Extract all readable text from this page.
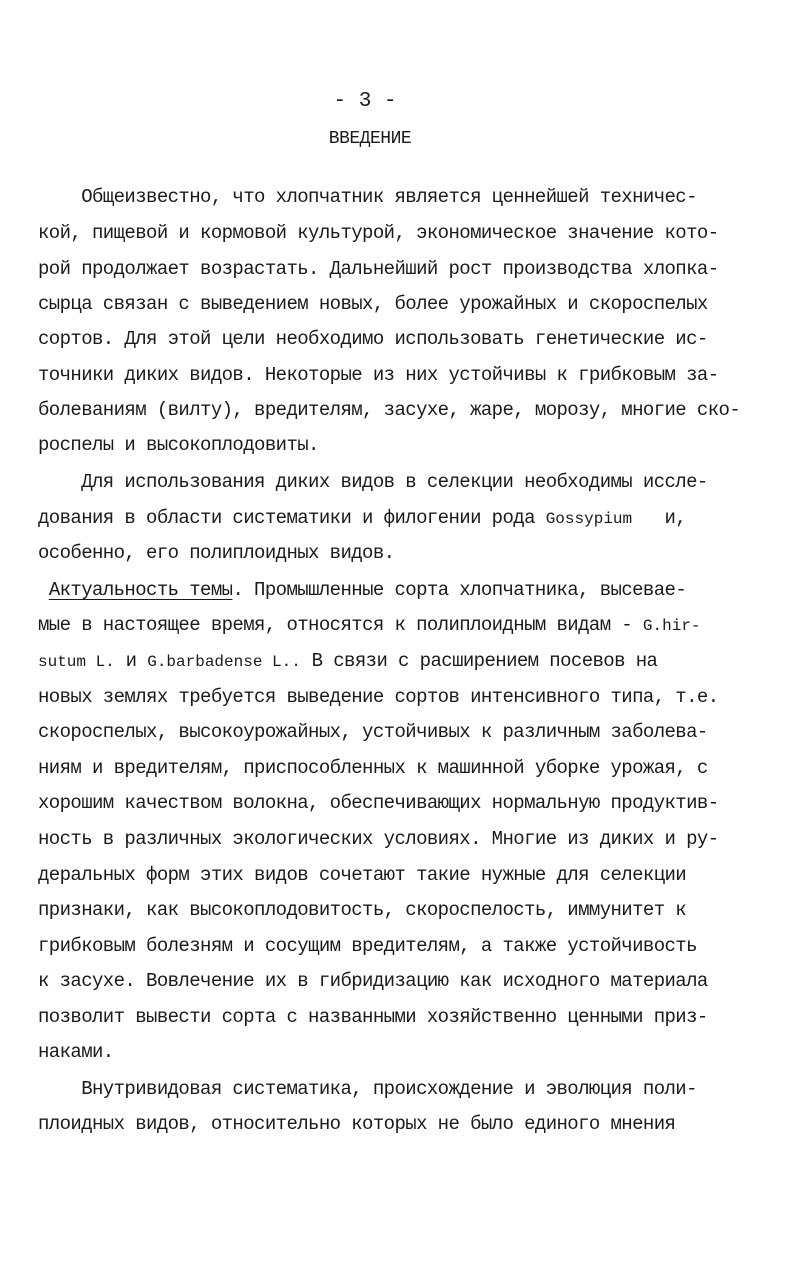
- 3 -
ВВЕДЕНИЕ
Общеизвестно, что хлопчатник является ценнейшей техничес-
кой, пищевой и кормовой культурой, экономическое значение кото-
рой продолжает возрастать. Дальнейший рост производства хлопка-
сырца связан с выведением новых, более урожайных и скороспелых
сортов. Для этой цели необходимо использовать генетические ис-
точники диких видов. Некоторые из них устойчивы к грибковым за-
болеваниям (вилту), вредителям, засухе, жаре, морозу, многие ско-
роспелы и высокоплодовиты.
Для использования диких видов в селекции необходимы иссле-
дования в области систематики и филогении рода Gossypium   и,
особенно, его полиплоидных видов.
Актуальность темы. Промышленные сорта хлопчатника, высевае-
мые в настоящее время, относятся к полиплоидным видам - G.hir-
sutum L. и G.barbadense L.. В связи с расширением посевов на
новых землях требуется выведение сортов интенсивного типа, т.е.
скороспелых, высокоурожайных, устойчивых к различным заболева-
ниям и вредителям, приспособленных к машинной уборке урожая, с
хорошим качеством волокна, обеспечивающих нормальную продуктив-
ность в различных экологических условиях. Многие из диких и ру-
деральных форм этих видов сочетают такие нужные для селекции
признаки, как высокоплодовитость, скороспелость, иммунитет к
грибковым болезням и сосущим вредителям, а также устойчивость
к засухе. Вовлечение их в гибридизацию как исходного материала
позволит вывести сорта с названными хозяйственно ценными приз-
наками.
Внутривидовая систематика, происхождение и эволюция поли-
плоидных видов, относительно которых не было единого мнения
